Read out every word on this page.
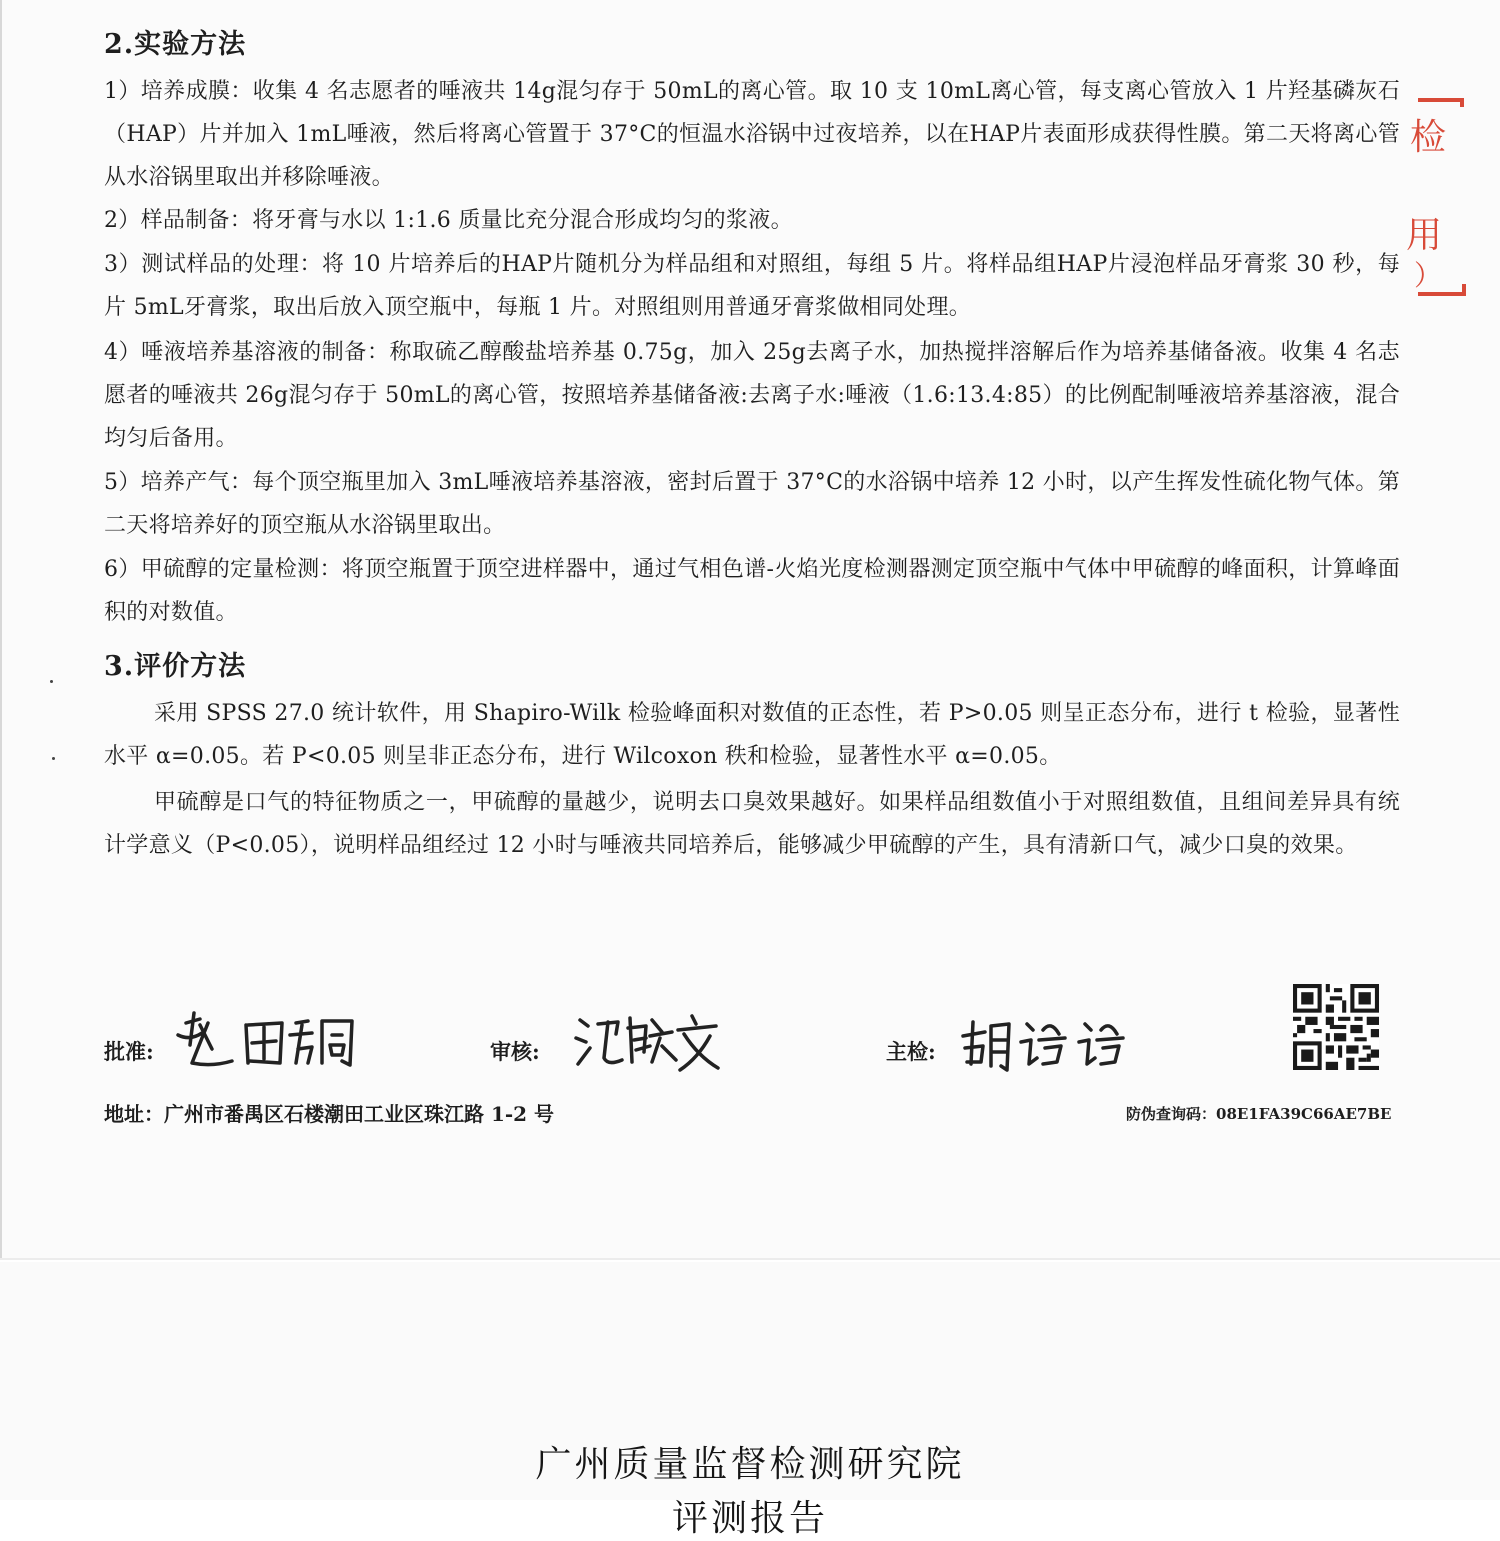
2.实验方法
1）培养成膜：收集 4 名志愿者的唾液共 14g混匀存于 50mL的离心管。取 10 支 10mL离心管，每支离心管放入 1 片羟基磷灰石（HAP）片并加入 1mL唾液，然后将离心管置于 37°C的恒温水浴锅中过夜培养，以在HAP片表面形成获得性膜。第二天将离心管从水浴锅里取出并移除唾液。
2）样品制备：将牙膏与水以 1:1.6 质量比充分混合形成均匀的浆液。
3）测试样品的处理：将 10 片培养后的HAP片随机分为样品组和对照组，每组 5 片。将样品组HAP片浸泡样品牙膏浆 30 秒，每片 5mL牙膏浆，取出后放入顶空瓶中，每瓶 1 片。对照组则用普通牙膏浆做相同处理。
4）唾液培养基溶液的制备：称取硫乙醇酸盐培养基 0.75g，加入 25g去离子水，加热搅拌溶解后作为培养基储备液。收集 4 名志愿者的唾液共 26g混匀存于 50mL的离心管，按照培养基储备液:去离子水:唾液（1.6:13.4:85）的比例配制唾液培养基溶液，混合均匀后备用。
5）培养产气：每个顶空瓶里加入 3mL唾液培养基溶液，密封后置于 37°C的水浴锅中培养 12 小时，以产生挥发性硫化物气体。第二天将培养好的顶空瓶从水浴锅里取出。
6）甲硫醇的定量检测：将顶空瓶置于顶空进样器中，通过气相色谱-火焰光度检测器测定顶空瓶中气体中甲硫醇的峰面积，计算峰面积的对数值。
3.评价方法
采用 SPSS 27.0 统计软件，用 Shapiro-Wilk 检验峰面积对数值的正态性，若 P>0.05 则呈正态分布，进行 t 检验，显著性水平 α=0.05。若 P<0.05 则呈非正态分布，进行 Wilcoxon 秩和检验，显著性水平 α=0.05。
甲硫醇是口气的特征物质之一，甲硫醇的量越少，说明去口臭效果越好。如果样品组数值小于对照组数值，且组间差异具有统计学意义（P<0.05），说明样品组经过 12 小时与唾液共同培养后，能够减少甲硫醇的产生，具有清新口气，减少口臭的效果。
检
用
）
批准:	审核:	主检:
地址：广州市番禺区石楼潮田工业区珠江路 1-2 号	防伪查询码：08E1FA39C66AE7BE
广州质量监督检测研究院
评测报告
